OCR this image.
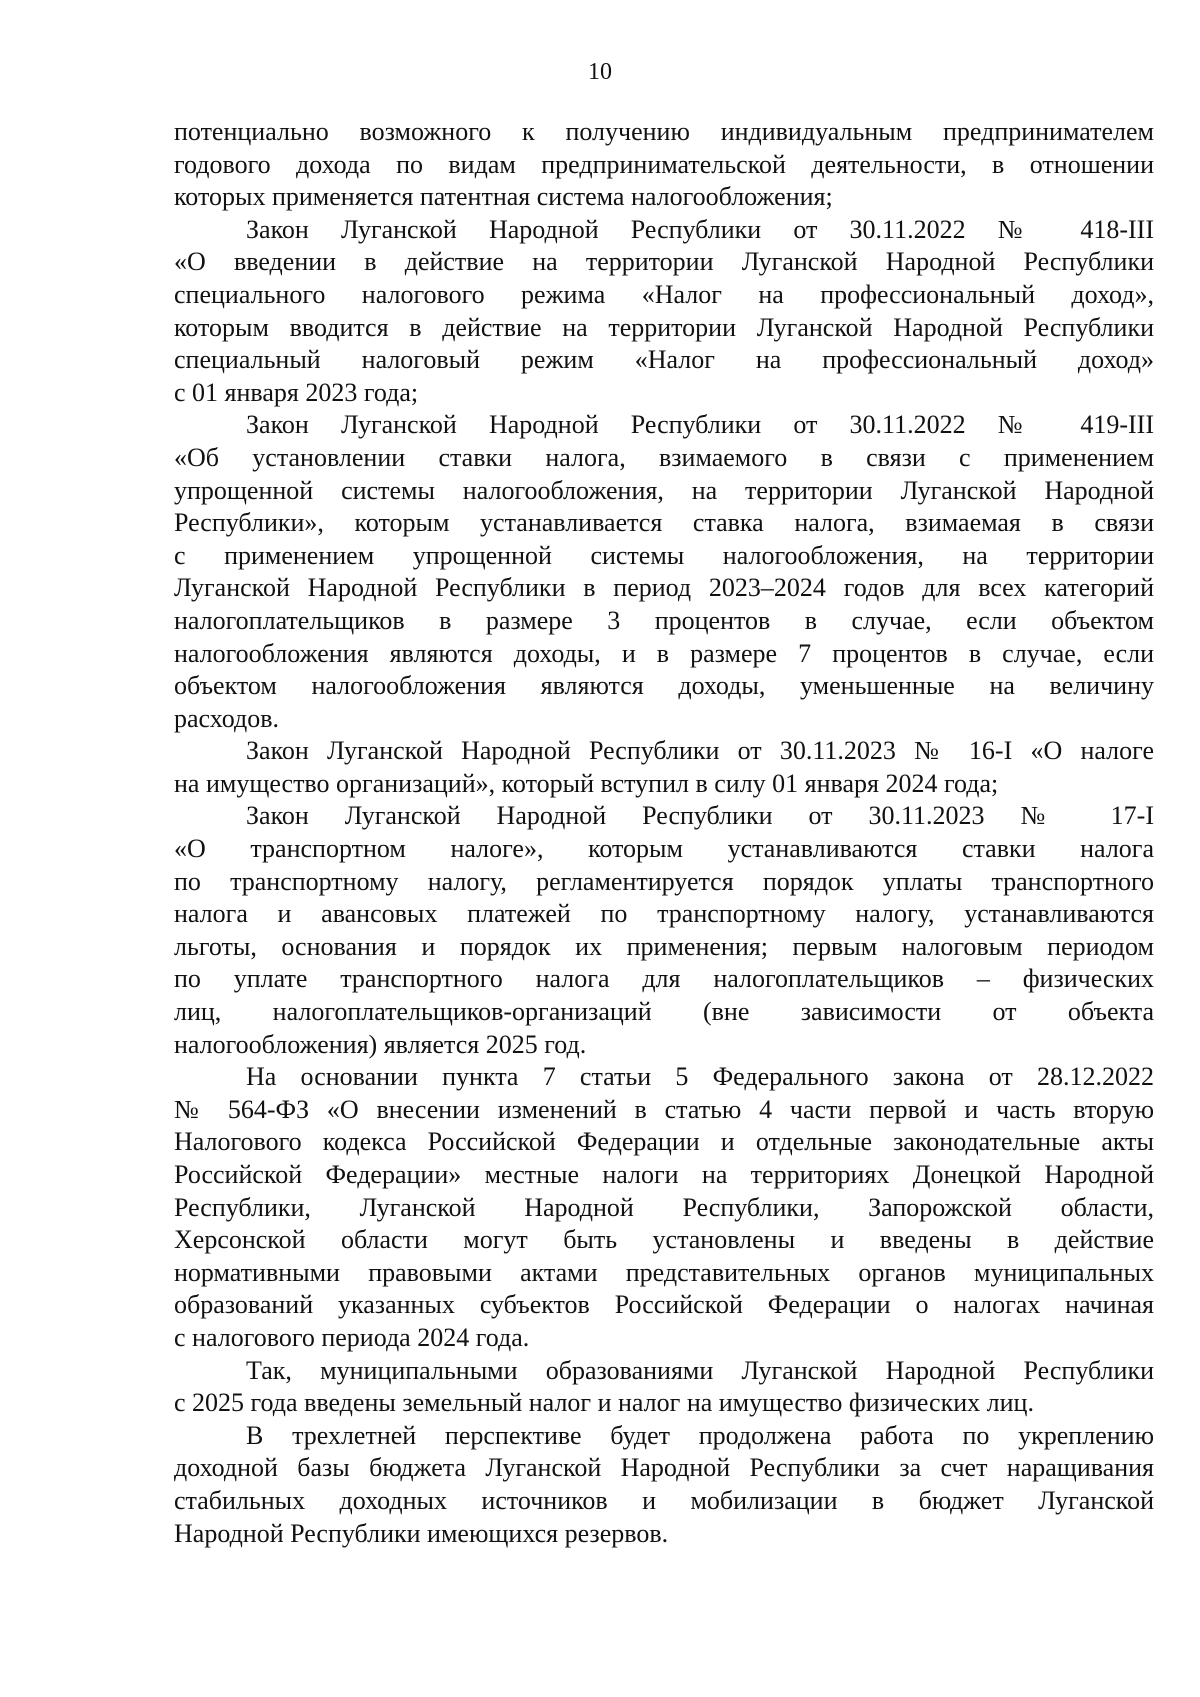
10
потенциально возможного к получению индивидуальным предпринимателем
годового дохода по видам предпринимательской деятельности, в отношении
которых применяется патентная система налогообложения;
Закон Луганской Народной Республики от 30.11.2022 № 418-III
«О введении в действие на территории Луганской Народной Республики
специального налогового режима «Налог на профессиональный доход»,
которым вводится в действие на территории Луганской Народной Республики
специальный налоговый режим «Налог на профессиональный доход»
с 01 января 2023 года;
Закон Луганской Народной Республики от 30.11.2022 № 419-III
«Об установлении ставки налога, взимаемого в связи с применением
упрощенной системы налогообложения, на территории Луганской Народной
Республики», которым устанавливается ставка налога, взимаемая в связи
с применением упрощенной системы налогообложения, на территории
Луганской Народной Республики в период 2023–2024 годов для всех категорий
налогоплательщиков в размере 3 процентов в случае, если объектом
налогообложения являются доходы, и в размере 7 процентов в случае, если
объектом налогообложения являются доходы, уменьшенные на величину
расходов.
Закон Луганской Народной Республики от 30.11.2023 № 16-I «О налоге
на имущество организаций», который вступил в силу 01 января 2024 года;
Закон Луганской Народной Республики от 30.11.2023 № 17-I
«О транспортном налоге», которым устанавливаются ставки налога
по транспортному налогу, регламентируется порядок уплаты транспортного
налога и авансовых платежей по транспортному налогу, устанавливаются
льготы, основания и порядок их применения; первым налоговым периодом
по уплате транспортного налога для налогоплательщиков – физических
лиц, налогоплательщиков-организаций (вне зависимости от объекта
налогообложения) является 2025 год.
На основании пункта 7 статьи 5 Федерального закона от 28.12.2022
№ 564-ФЗ «О внесении изменений в статью 4 части первой и часть вторую
Налогового кодекса Российской Федерации и отдельные законодательные акты
Российской Федерации» местные налоги на территориях Донецкой Народной
Республики, Луганской Народной Республики, Запорожской области,
Херсонской области могут быть установлены и введены в действие
нормативными правовыми актами представительных органов муниципальных
образований указанных субъектов Российской Федерации о налогах начиная
с налогового периода 2024 года.
Так, муниципальными образованиями Луганской Народной Республики
с 2025 года введены земельный налог и налог на имущество физических лиц.
В трехлетней перспективе будет продолжена работа по укреплению
доходной базы бюджета Луганской Народной Республики за счет наращивания
стабильных доходных источников и мобилизации в бюджет Луганской
Народной Республики имеющихся резервов.
